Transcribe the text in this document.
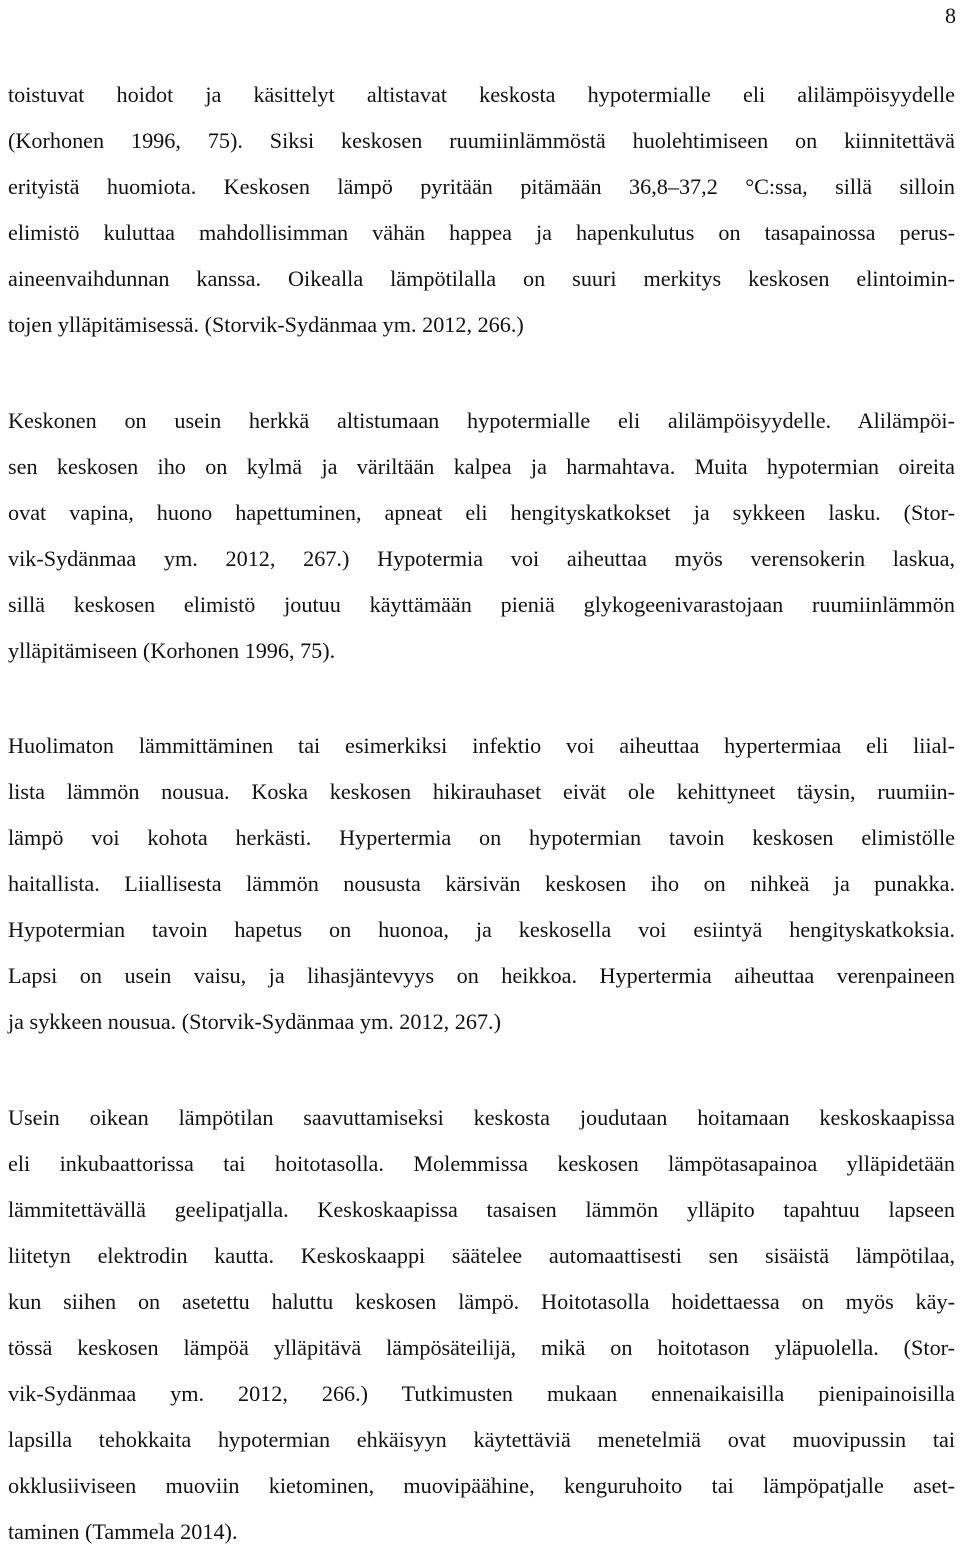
8
toistuvat hoidot ja käsittelyt altistavat keskosta hypotermialle eli alilämpöisyydelle
(Korhonen 1996, 75). Siksi keskosen ruumiinlämmöstä huolehtimiseen on kiinnitettävä
erityistä huomiota. Keskosen lämpö pyritään pitämään 36,8–37,2 °C:ssa, sillä silloin
elimistö kuluttaa mahdollisimman vähän happea ja hapenkulutus on tasapainossa perus-
aineenvaihdunnan kanssa. Oikealla lämpötilalla on suuri merkitys keskosen elintoimin-
tojen ylläpitämisessä. (Storvik-Sydänmaa ym. 2012, 266.)
Keskonen on usein herkkä altistumaan hypotermialle eli alilämpöisyydelle. Alilämpöi-
sen keskosen iho on kylmä ja väriltään kalpea ja harmahtava. Muita hypotermian oireita
ovat vapina, huono hapettuminen, apneat eli hengityskatkokset ja sykkeen lasku. (Stor-
vik-Sydänmaa ym. 2012, 267.) Hypotermia voi aiheuttaa myös verensokerin laskua,
sillä keskosen elimistö joutuu käyttämään pieniä glykogeenivarastojaan ruumiinlämmön
ylläpitämiseen (Korhonen 1996, 75).
Huolimaton lämmittäminen tai esimerkiksi infektio voi aiheuttaa hypertermiaa eli liial-
lista lämmön nousua. Koska keskosen hikirauhaset eivät ole kehittyneet täysin, ruumiin-
lämpö voi kohota herkästi. Hypertermia on hypotermian tavoin keskosen elimistölle
haitallista. Liiallisesta lämmön noususta kärsivän keskosen iho on nihkeä ja punakka.
Hypotermian tavoin hapetus on huonoa, ja keskosella voi esiintyä hengityskatkoksia.
Lapsi on usein vaisu, ja lihasjäntevyys on heikkoa. Hypertermia aiheuttaa verenpaineen
ja sykkeen nousua. (Storvik-Sydänmaa ym. 2012, 267.)
Usein oikean lämpötilan saavuttamiseksi keskosta joudutaan hoitamaan keskoskaapissa
eli inkubaattorissa tai hoitotasolla. Molemmissa keskosen lämpötasapainoa ylläpidetään
lämmitettävällä geelipatjalla. Keskoskaapissa tasaisen lämmön ylläpito tapahtuu lapseen
liitetyn elektrodin kautta. Keskoskaappi säätelee automaattisesti sen sisäistä lämpötilaa,
kun siihen on asetettu haluttu keskosen lämpö. Hoitotasolla hoidettaessa on myös käy-
tössä keskosen lämpöä ylläpitävä lämpösäteilijä, mikä on hoitotason yläpuolella. (Stor-
vik-Sydänmaa ym. 2012, 266.) Tutkimusten mukaan ennenaikaisilla pienipainoisilla
lapsilla tehokkaita hypotermian ehkäisyyn käytettäviä menetelmiä ovat muovipussin tai
okklusiiviseen muoviin kietominen, muovipäähine, kenguruhoito tai lämpöpatjalle aset-
taminen (Tammela 2014).
